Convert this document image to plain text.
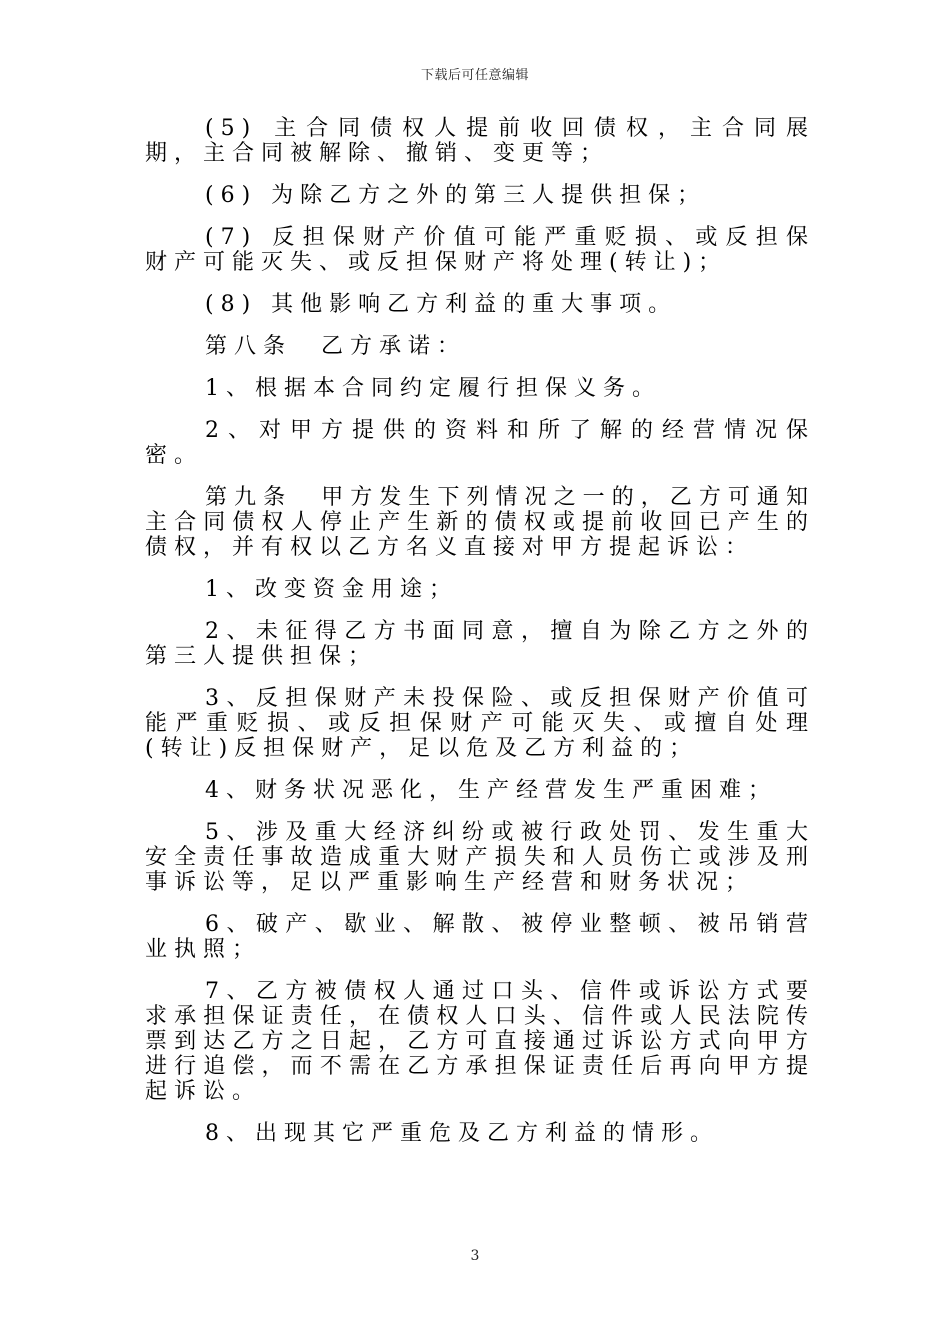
下载后可任意编辑

(5) 主合同债权人提前收回债权，主合同展期，主合同被解除、撤销、变更等；

(6) 为除乙方之外的第三人提供担保；

(7) 反担保财产价值可能严重贬损、或反担保财产可能灭失、或反担保财产将处理(转让)；

(8) 其他影响乙方利益的重大事项。

第八条　乙方承诺：

1、根据本合同约定履行担保义务。

2、对甲方提供的资料和所了解的经营情况保密。

第九条　甲方发生下列情况之一的，乙方可通知主合同债权人停止产生新的债权或提前收回已产生的债权，并有权以乙方名义直接对甲方提起诉讼：

1、改变资金用途；

2、未征得乙方书面同意，擅自为除乙方之外的第三人提供担保；

3、反担保财产未投保险、或反担保财产价值可能严重贬损、或反担保财产可能灭失、或擅自处理(转让)反担保财产，足以危及乙方利益的；

4、财务状况恶化，生产经营发生严重困难；

5、涉及重大经济纠纷或被行政处罚、发生重大安全责任事故造成重大财产损失和人员伤亡或涉及刑事诉讼等，足以严重影响生产经营和财务状况；

6、破产、歇业、解散、被停业整顿、被吊销营业执照；

7、乙方被债权人通过口头、信件或诉讼方式要求承担保证责任，在债权人口头、信件或人民法院传票到达乙方之日起，乙方可直接通过诉讼方式向甲方进行追偿，而不需在乙方承担保证责任后再向甲方提起诉讼。

8、出现其它严重危及乙方利益的情形。

3
